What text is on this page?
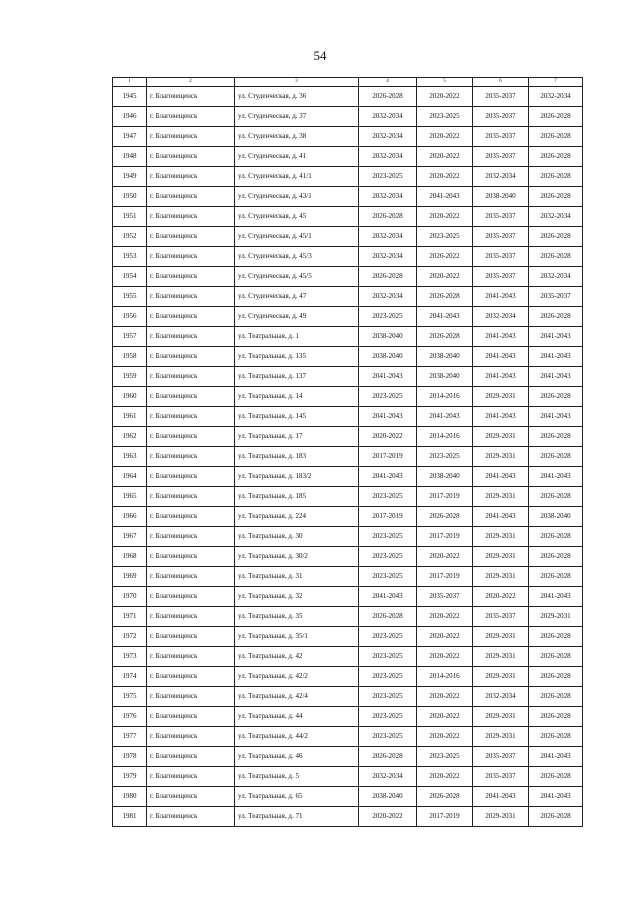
54
1	2	3	4	5	6	7
1945	г. Благовещенск	ул. Студенческая, д. 36	2026-2028	2020-2022	2035-2037	2032-2034
1946	г. Благовещенск	ул. Студенческая, д. 37	2032-2034	2023-2025	2035-2037	2026-2028
1947	г. Благовещенск	ул. Студенческая, д. 38	2032-2034	2020-2022	2035-2037	2026-2028
1948	г. Благовещенск	ул. Студенческая, д. 41	2032-2034	2020-2022	2035-2037	2026-2028
1949	г. Благовещенск	ул. Студенческая, д. 41/1	2023-2025	2020-2022	2032-2034	2026-2028
1950	г. Благовещенск	ул. Студенческая, д. 43/1	2032-2034	2041-2043	2038-2040	2026-2028
1951	г. Благовещенск	ул. Студенческая, д. 45	2026-2028	2020-2022	2035-2037	2032-2034
1952	г. Благовещенск	ул. Студенческая, д. 45/1	2032-2034	2023-2025	2035-2037	2026-2028
1953	г. Благовещенск	ул. Студенческая, д. 45/3	2032-2034	2026-2022	2035-2037	2026-2028
1954	г. Благовещенск	ул. Студенческая, д. 45/5	2026-2028	2020-2022	2035-2037	2032-2034
1955	г. Благовещенск	ул. Студенческая, д. 47	2032-2034	2026-2028	2041-2043	2035-2037
1956	г. Благовещенск	ул. Студенческая, д. 49	2023-2025	2041-2043	2032-2034	2026-2028
1957	г. Благовещенск	ул. Театральная, д. 1	2038-2040	2026-2028	2041-2043	2041-2043
1958	г. Благовещенск	ул. Театральная, д. 135	2038-2040	2038-2040	2041-2043	2041-2043
1959	г. Благовещенск	ул. Театральная, д. 137	2041-2043	2038-2040	2041-2043	2041-2043
1960	г. Благовещенск	ул. Театральная, д. 14	2023-2025	2014-2016	2029-2031	2026-2028
1961	г. Благовещенск	ул. Театральная, д. 145	2041-2043	2041-2043	2041-2043	2041-2043
1962	г. Благовещенск	ул. Театральная, д. 17	2020-2022	2014-2016	2029-2031	2026-2028
1963	г. Благовещенск	ул. Театральная, д. 183	2017-2019	2023-2025	2029-2031	2026-2028
1964	г. Благовещенск	ул. Театральная, д. 183/2	2041-2043	2038-2040	2041-2043	2041-2043
1965	г. Благовещенск	ул. Театральная, д. 185	2023-2025	2017-2019	2029-2031	2026-2028
1966	г. Благовещенск	ул. Театральная, д. 224	2017-2019	2026-2028	2041-2043	2038-2040
1967	г. Благовещенск	ул. Театральная, д. 30	2023-2025	2017-2019	2029-2031	2026-2028
1968	г. Благовещенск	ул. Театральная, д. 30/2	2023-2025	2020-2022	2029-2031	2026-2028
1969	г. Благовещенск	ул. Театральная, д. 31	2023-2025	2017-2019	2029-2031	2026-2028
1970	г. Благовещенск	ул. Театральная, д. 32	2041-2043	2035-2037	2020-2022	2041-2043
1971	г. Благовещенск	ул. Театральная, д. 35	2026-2028	2020-2022	2035-2037	2029-2031
1972	г. Благовещенск	ул. Театральная, д. 35/1	2023-2025	2020-2022	2029-2031	2026-2028
1973	г. Благовещенск	ул. Театральная, д. 42	2023-2025	2020-2022	2029-2031	2026-2028
1974	г. Благовещенск	ул. Театральная, д. 42/2	2023-2025	2014-2016	2029-2031	2026-2028
1975	г. Благовещенск	ул. Театральная, д. 42/4	2023-2025	2020-2022	2032-2034	2026-2028
1976	г. Благовещенск	ул. Театральная, д. 44	2023-2025	2020-2022	2029-2031	2026-2028
1977	г. Благовещенск	ул. Театральная, д. 44/2	2023-2025	2020-2022	2029-2031	2026-2028
1978	г. Благовещенск	ул. Театральная, д. 46	2026-2028	2023-2025	2035-2037	2041-2043
1979	г. Благовещенск	ул. Театральная, д. 5	2032-2034	2020-2022	2035-2037	2026-2028
1980	г. Благовещенск	ул. Театральная, д. 65	2038-2040	2026-2028	2041-2043	2041-2043
1981	г. Благовещенск	ул. Театральная, д. 71	2020-2022	2017-2019	2029-2031	2026-2028
